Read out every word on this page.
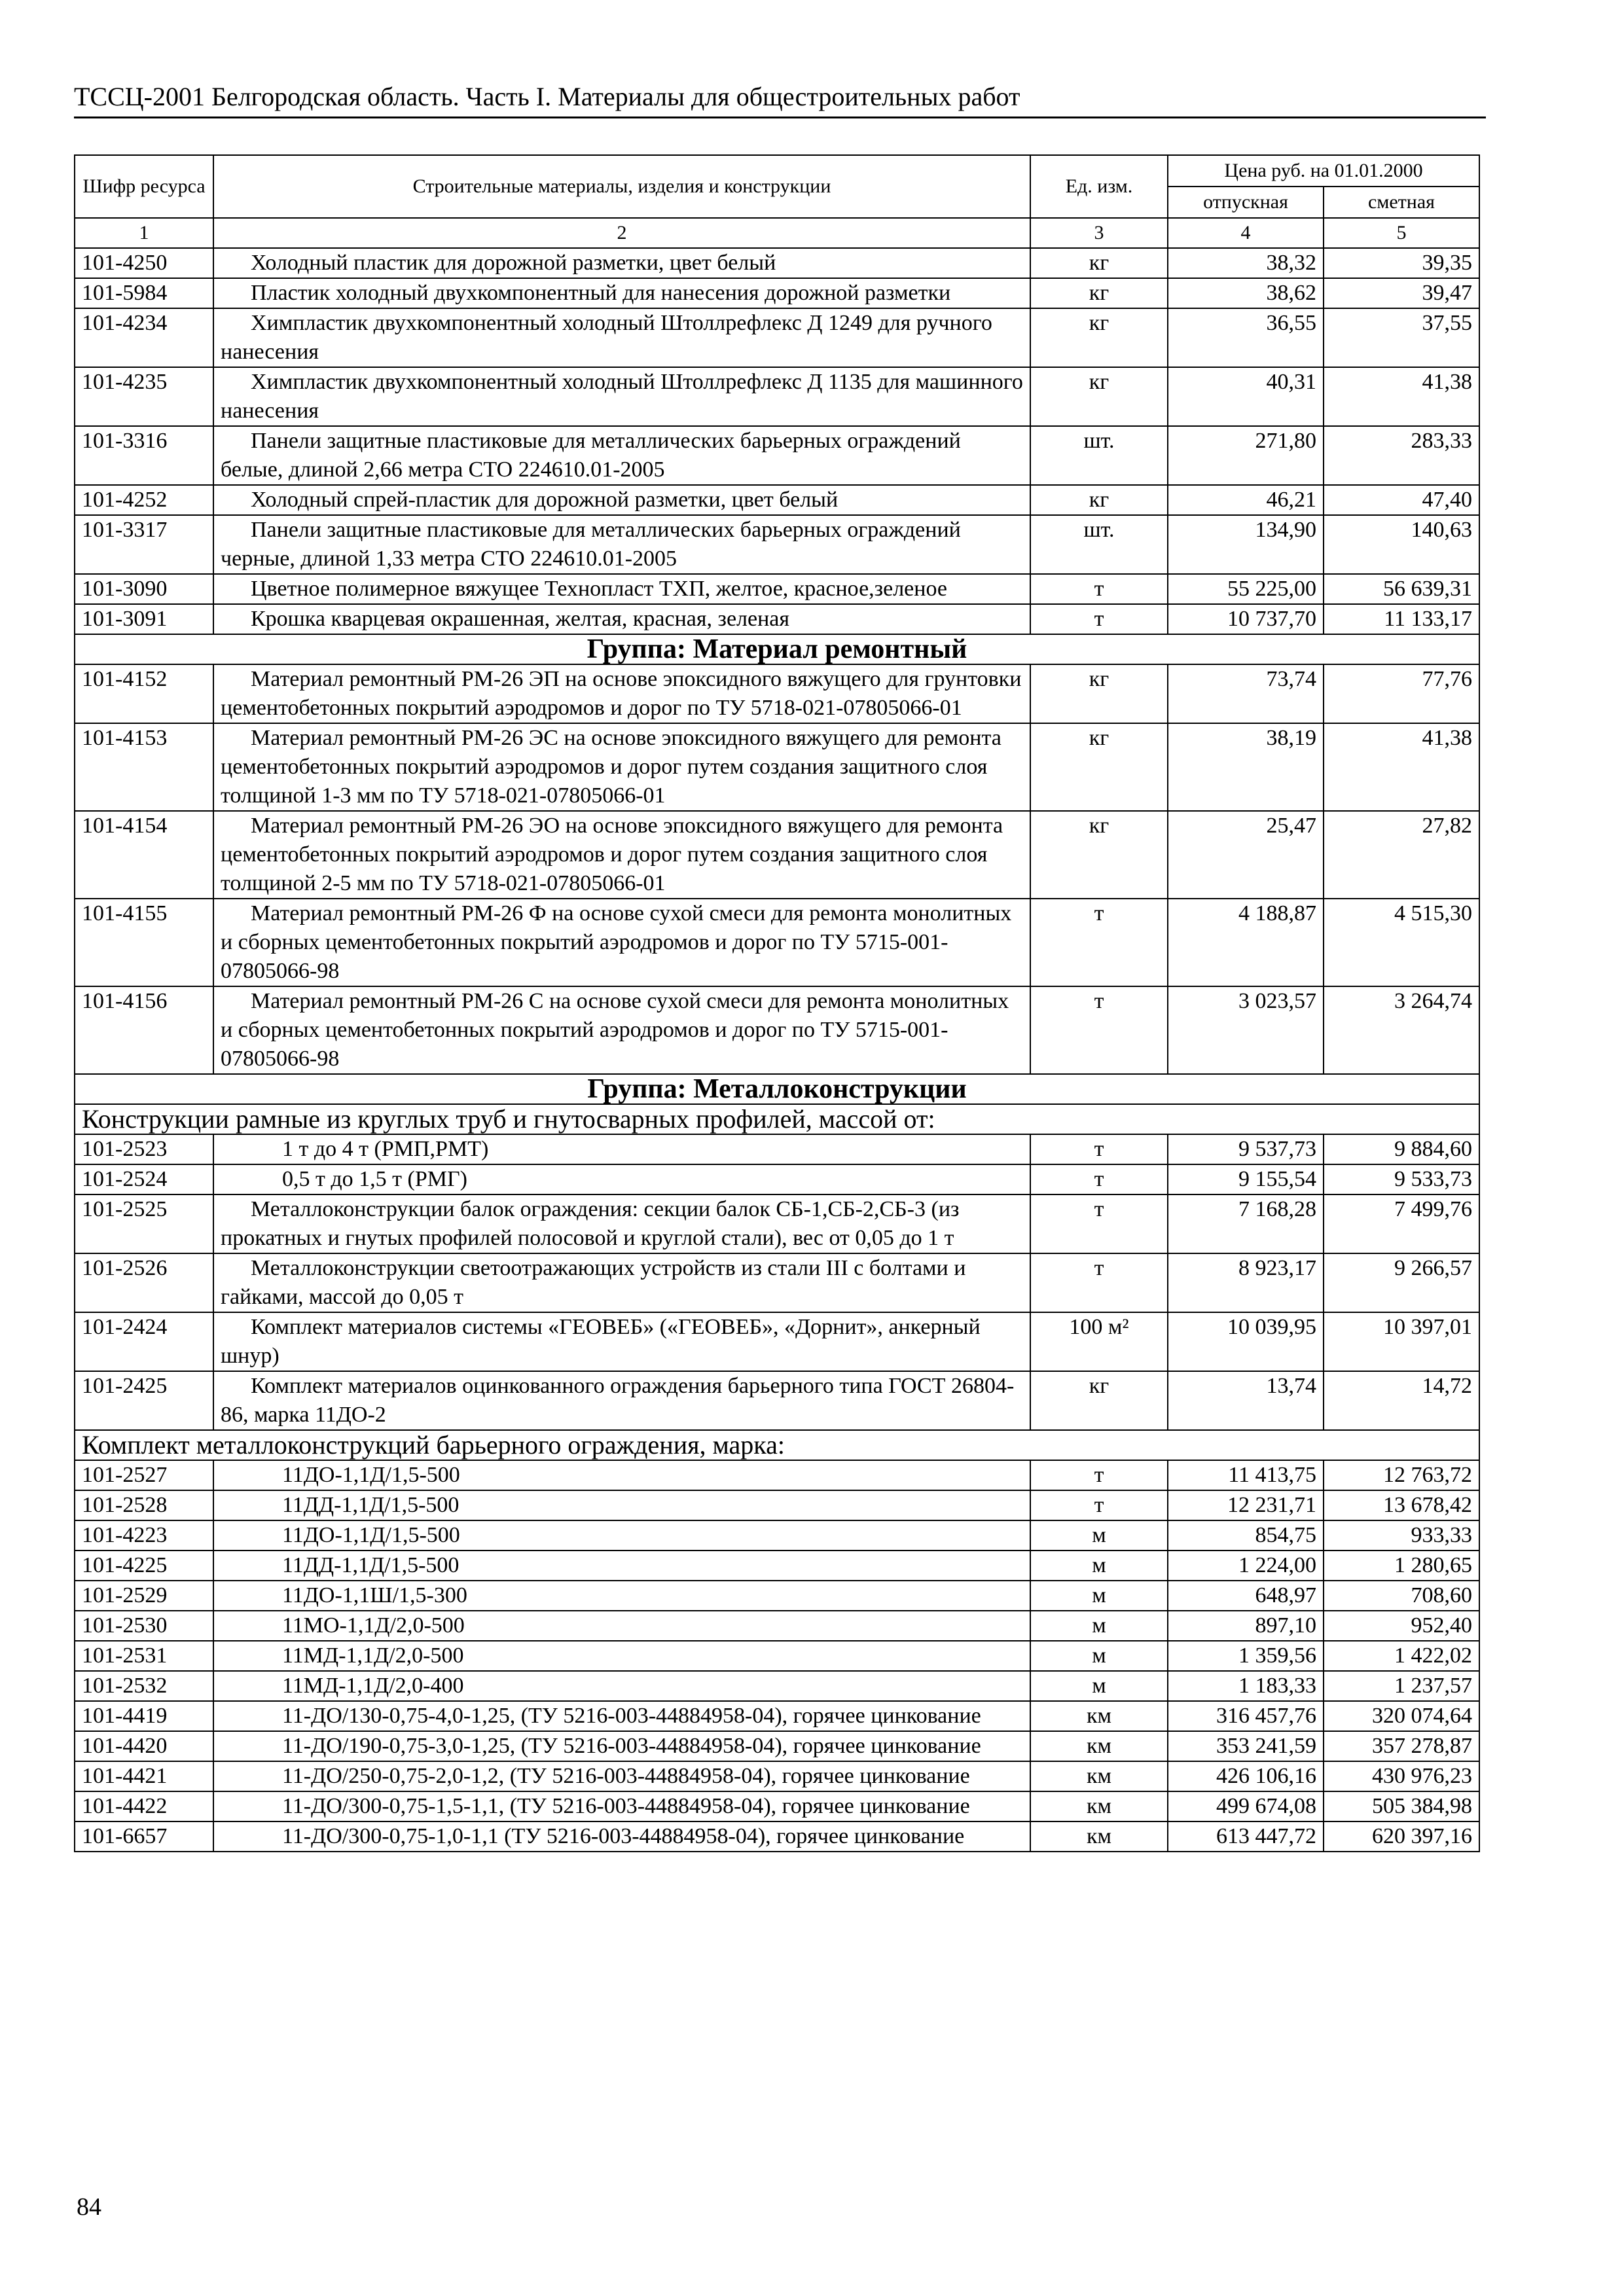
ТССЦ-2001 Белгородская область. Часть I. Материалы для общестроительных работ
Шифр ресурса	Строительные материалы, изделия и конструкции	Ед. изм.	Цена руб. на 01.01.2000	
			отпускная	сметная
1	2	3	4	5
101-4250	Холодный пластик для дорожной разметки, цвет белый	кг	38,32	39,35
101-5984	Пластик холодный двухкомпонентный для нанесения дорожной разметки	кг	38,62	39,47
101-4234	Химпластик двухкомпонентный холодный Штоллрефлекс Д 1249 для ручного нанесения	кг	36,55	37,55
101-4235	Химпластик двухкомпонентный холодный Штоллрефлекс Д 1135 для машинного нанесения	кг	40,31	41,38
101-3316	Панели защитные пластиковые для металлических барьерных ограждений белые, длиной 2,66 метра СТО 224610.01-2005	шт.	271,80	283,33
101-4252	Холодный спрей-пластик для дорожной разметки, цвет белый	кг	46,21	47,40
101-3317	Панели защитные пластиковые для металлических барьерных ограждений черные, длиной 1,33 метра СТО 224610.01-2005	шт.	134,90	140,63
101-3090	Цветное полимерное вяжущее Технопласт ТХП, желтое, красное,зеленое	т	55 225,00	56 639,31
101-3091	Крошка кварцевая окрашенная, желтая, красная, зеленая	т	10 737,70	11 133,17
Группа: Материал ремонтный				
101-4152	Материал ремонтный РМ-26 ЭП на основе эпоксидного вяжущего для грунтовки цементобетонных покрытий аэродромов и дорог по ТУ 5718-021-07805066-01	кг	73,74	77,76
101-4153	Материал ремонтный РМ-26 ЭС на основе эпоксидного вяжущего для ремонта цементобетонных покрытий аэродромов и дорог путем создания защитного слоя толщиной 1-3 мм по ТУ 5718-021-07805066-01	кг	38,19	41,38
101-4154	Материал ремонтный РМ-26 ЭО на основе эпоксидного вяжущего для ремонта цементобетонных покрытий аэродромов и дорог путем создания защитного слоя толщиной 2-5 мм по ТУ 5718-021-07805066-01	кг	25,47	27,82
101-4155	Материал ремонтный РМ-26 Ф на основе сухой смеси для ремонта монолитных и сборных цементобетонных покрытий аэродромов и дорог по ТУ 5715-001-07805066-98	т	4 188,87	4 515,30
101-4156	Материал ремонтный РМ-26 С на основе сухой смеси для ремонта монолитных и сборных цементобетонных покрытий аэродромов и дорог по ТУ 5715-001-07805066-98	т	3 023,57	3 264,74
Группа: Металлоконструкции				
Конструкции рамные из круглых труб и гнутосварных профилей, массой от:				
101-2523	1 т до 4 т (РМП,РМТ)	т	9 537,73	9 884,60
101-2524	0,5 т до 1,5 т (РМГ)	т	9 155,54	9 533,73
101-2525	Металлоконструкции балок ограждения: секции балок СБ-1,СБ-2,СБ-3 (из прокатных и гнутых профилей полосовой и круглой стали), вес от 0,05 до 1 т	т	7 168,28	7 499,76
101-2526	Металлоконструкции светоотражающих устройств из стали III с болтами и гайками, массой до 0,05 т	т	8 923,17	9 266,57
101-2424	Комплект материалов системы «ГЕОВЕБ» («ГЕОВЕБ», «Дорнит», анкерный шнур)	100 м²	10 039,95	10 397,01
101-2425	Комплект материалов оцинкованного ограждения барьерного типа ГОСТ 26804-86, марка 11ДО-2	кг	13,74	14,72
Комплект металлоконструкций барьерного ограждения, марка:				
101-2527	11ДО-1,1Д/1,5-500	т	11 413,75	12 763,72
101-2528	11ДД-1,1Д/1,5-500	т	12 231,71	13 678,42
101-4223	11ДО-1,1Д/1,5-500	м	854,75	933,33
101-4225	11ДД-1,1Д/1,5-500	м	1 224,00	1 280,65
101-2529	11ДО-1,1Ш/1,5-300	м	648,97	708,60
101-2530	11МО-1,1Д/2,0-500	м	897,10	952,40
101-2531	11МД-1,1Д/2,0-500	м	1 359,56	1 422,02
101-2532	11МД-1,1Д/2,0-400	м	1 183,33	1 237,57
101-4419	11-ДО/130-0,75-4,0-1,25, (ТУ 5216-003-44884958-04), горячее цинкование	км	316 457,76	320 074,64
101-4420	11-ДО/190-0,75-3,0-1,25, (ТУ 5216-003-44884958-04), горячее цинкование	км	353 241,59	357 278,87
101-4421	11-ДО/250-0,75-2,0-1,2, (ТУ 5216-003-44884958-04), горячее цинкование	км	426 106,16	430 976,23
101-4422	11-ДО/300-0,75-1,5-1,1, (ТУ 5216-003-44884958-04), горячее цинкование	км	499 674,08	505 384,98
101-6657	11-ДО/300-0,75-1,0-1,1 (ТУ 5216-003-44884958-04), горячее цинкование	км	613 447,72	620 397,16
84
